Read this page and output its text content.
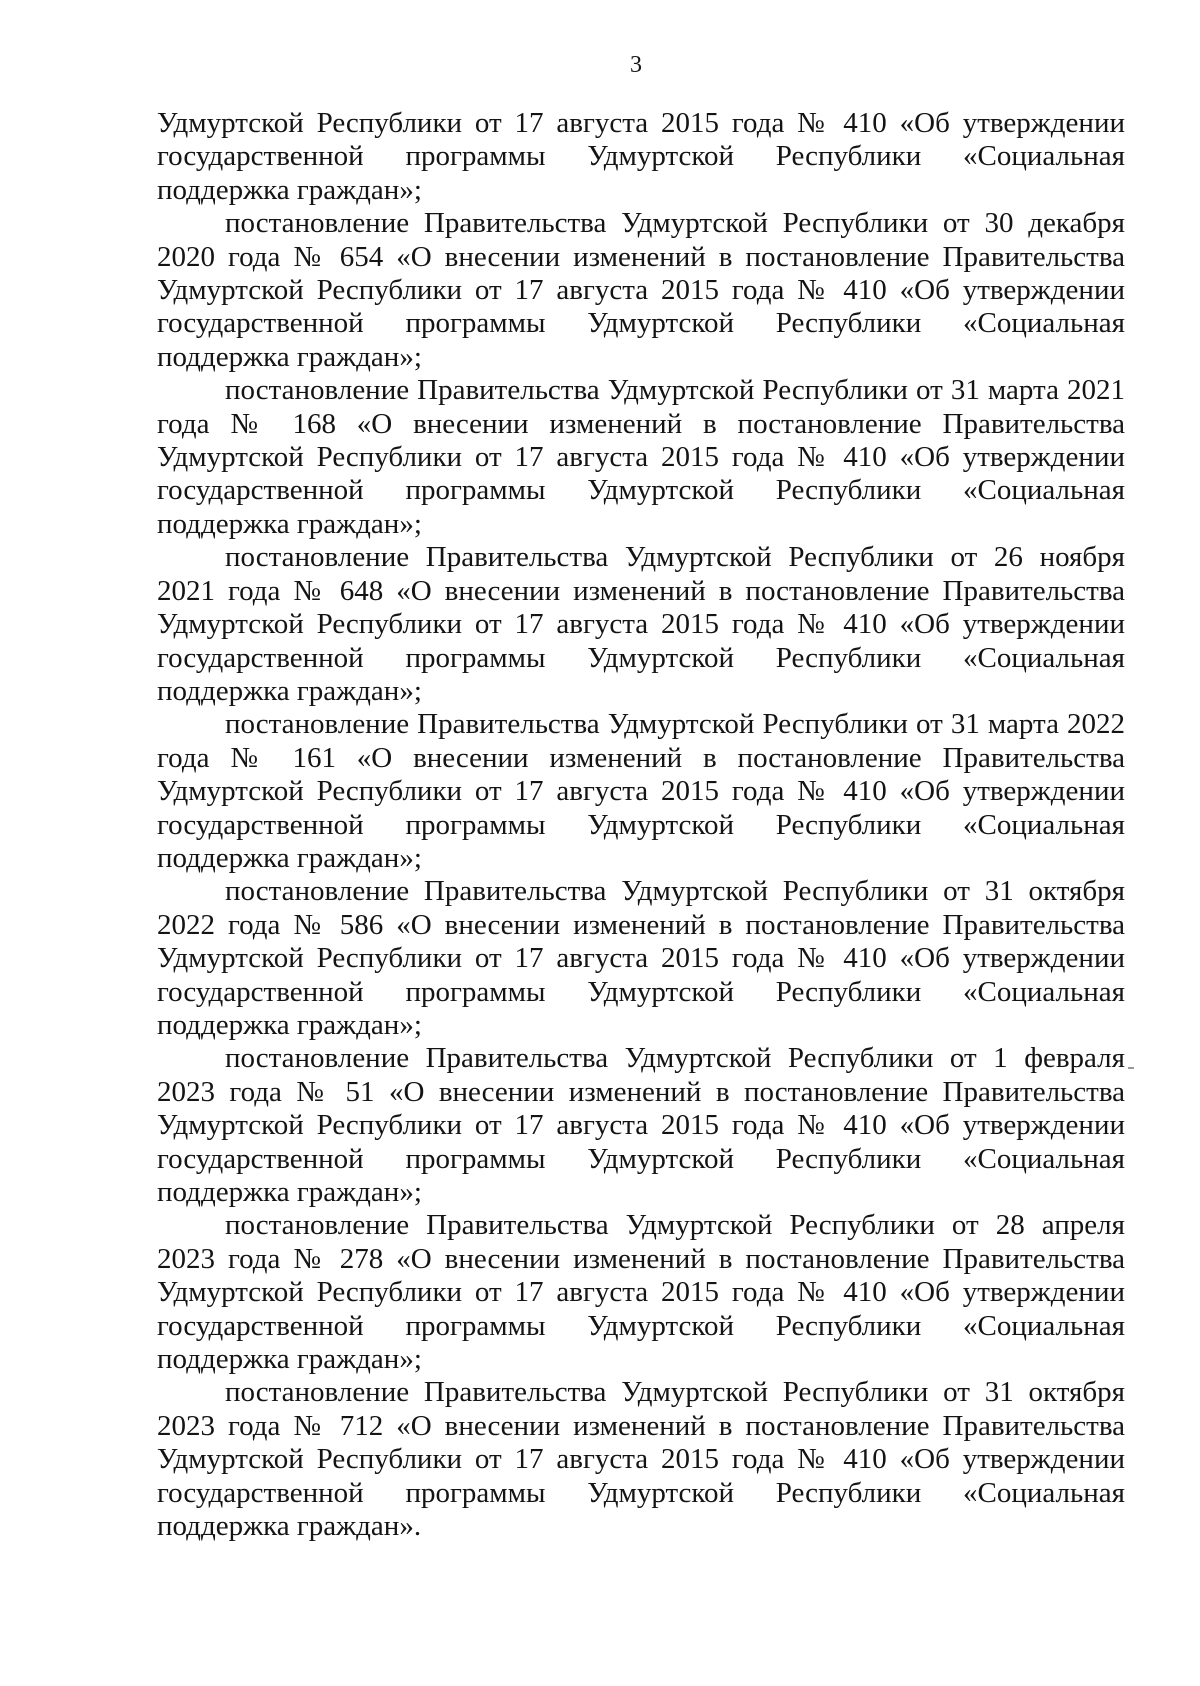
3

Удмуртской Республики от 17 августа 2015 года № 410 «Об утверждении государственной программы Удмуртской Республики «Социальная поддержка граждан»;

постановление Правительства Удмуртской Республики от 30 декабря 2020 года № 654 «О внесении изменений в постановление Правительства Удмуртской Республики от 17 августа 2015 года № 410 «Об утверждении государственной программы Удмуртской Республики «Социальная поддержка граждан»;

постановление Правительства Удмуртской Республики от 31 марта 2021 года № 168 «О внесении изменений в постановление Правительства Удмуртской Республики от 17 августа 2015 года № 410 «Об утверждении государственной программы Удмуртской Республики «Социальная поддержка граждан»;

постановление Правительства Удмуртской Республики от 26 ноября 2021 года № 648 «О внесении изменений в постановление Правительства Удмуртской Республики от 17 августа 2015 года № 410 «Об утверждении государственной программы Удмуртской Республики «Социальная поддержка граждан»;

постановление Правительства Удмуртской Республики от 31 марта 2022 года № 161 «О внесении изменений в постановление Правительства Удмуртской Республики от 17 августа 2015 года № 410 «Об утверждении государственной программы Удмуртской Республики «Социальная поддержка граждан»;

постановление Правительства Удмуртской Республики от 31 октября 2022 года № 586 «О внесении изменений в постановление Правительства Удмуртской Республики от 17 августа 2015 года № 410 «Об утверждении государственной программы Удмуртской Республики «Социальная поддержка граждан»;

постановление Правительства Удмуртской Республики от 1 февраля 2023 года № 51 «О внесении изменений в постановление Правительства Удмуртской Республики от 17 августа 2015 года № 410 «Об утверждении государственной программы Удмуртской Республики «Социальная поддержка граждан»;

постановление Правительства Удмуртской Республики от 28 апреля 2023 года № 278 «О внесении изменений в постановление Правительства Удмуртской Республики от 17 августа 2015 года № 410 «Об утверждении государственной программы Удмуртской Республики «Социальная поддержка граждан»;

постановление Правительства Удмуртской Республики от 31 октября 2023 года № 712 «О внесении изменений в постановление Правительства Удмуртской Республики от 17 августа 2015 года № 410 «Об утверждении государственной программы Удмуртской Республики «Социальная поддержка граждан».
